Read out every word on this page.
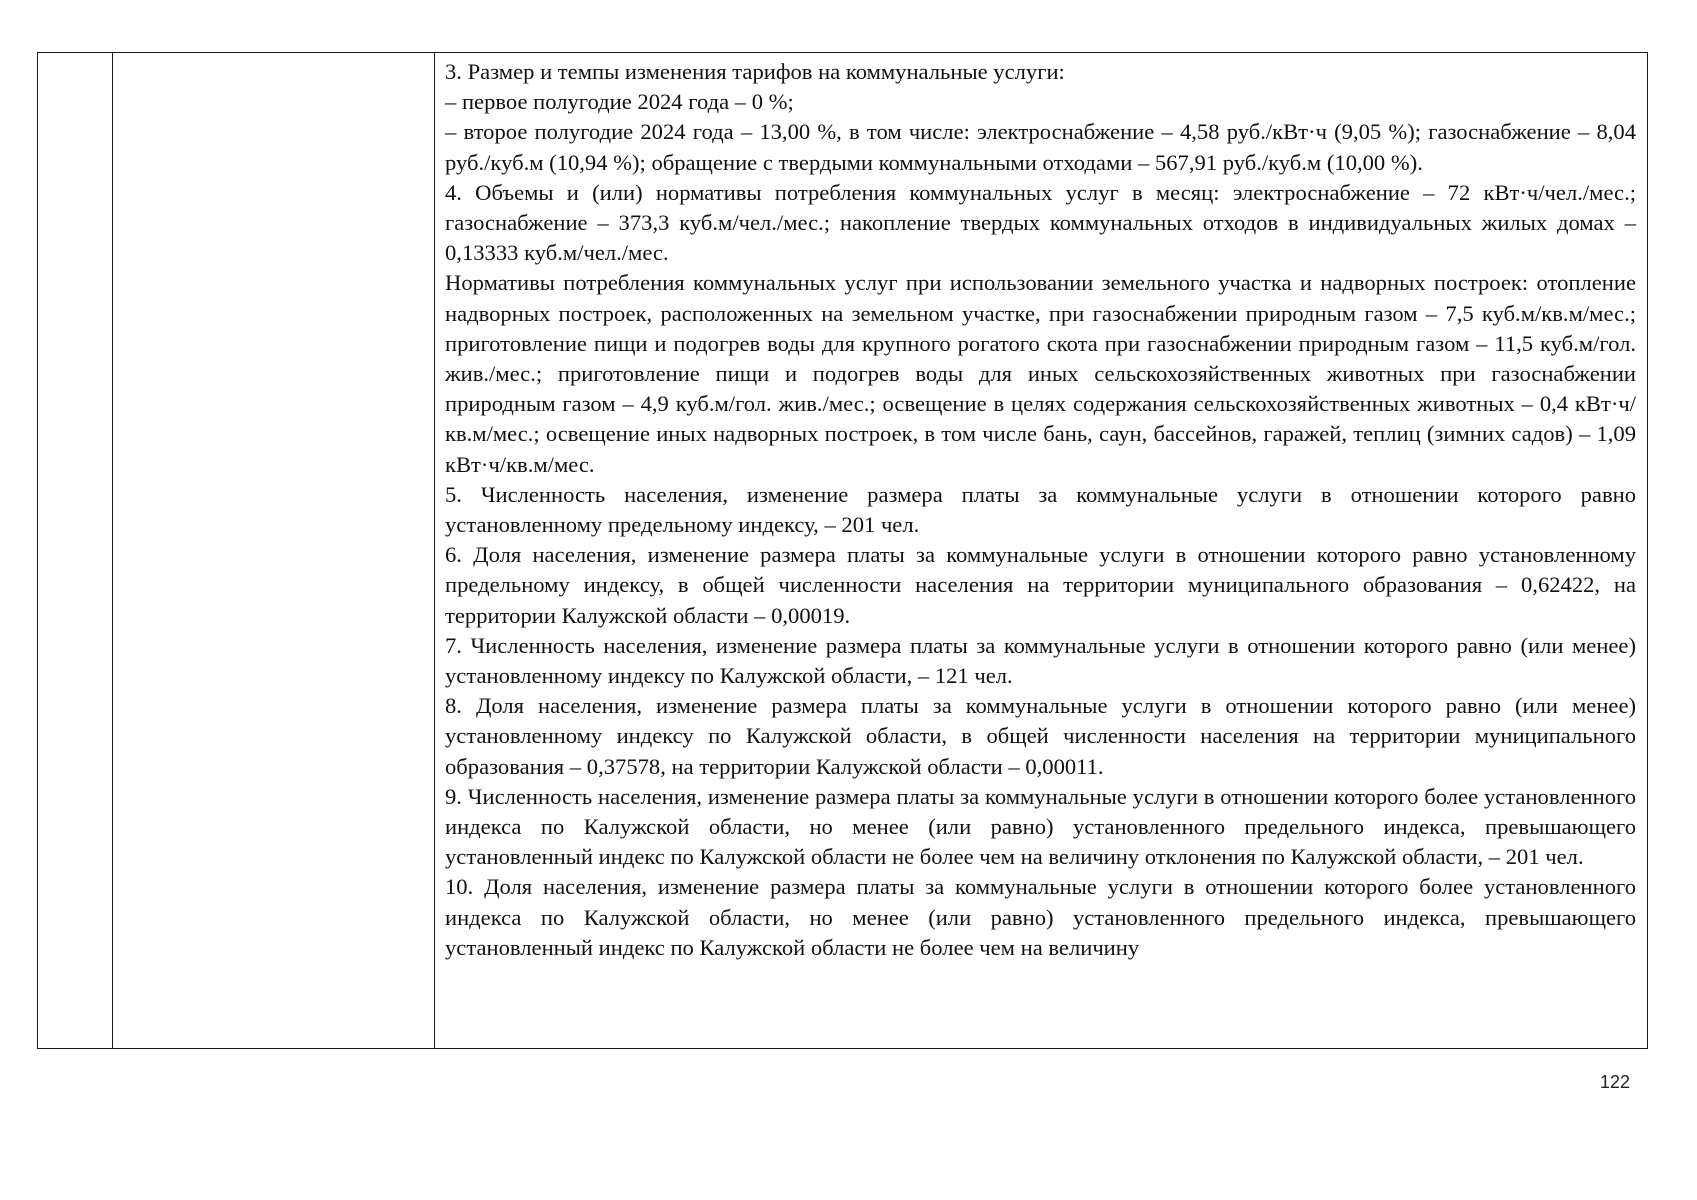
3. Размер и темпы изменения тарифов на коммунальные услуги:

– первое полугодие 2024 года – 0 %;

– второе полугодие 2024 года – 13,00 %, в том числе: электроснабжение – 4,58 руб./кВт·ч (9,05 %); газоснабжение – 8,04 руб./куб.м (10,94 %); обращение с твердыми коммунальными отходами – 567,91 руб./куб.м (10,00 %).

4. Объемы и (или) нормативы потребления коммунальных услуг в месяц: электроснабжение – 72 кВт·ч/чел./мес.; газоснабжение – 373,3 куб.м/чел./мес.; накопление твердых коммунальных отходов в индивидуальных жилых домах – 0,13333 куб.м/чел./мес.

Нормативы потребления коммунальных услуг при использовании земельного участка и надворных построек: отопление надворных построек, расположенных на земельном участке, при газоснабжении природным газом – 7,5 куб.м/кв.м/мес.; приготовление пищи и подогрев воды для крупного рогатого скота при газоснабжении природным газом – 11,5 куб.м/гол. жив./мес.; приготовление пищи и подогрев воды для иных сельскохозяйственных животных при газоснабжении природным газом – 4,9 куб.м/гол. жив./мес.; освещение в целях содержания сельскохозяйственных животных – 0,4 кВт·ч/кв.м/мес.; освещение иных надворных построек, в том числе бань, саун, бассейнов, гаражей, теплиц (зимних садов) – 1,09 кВт·ч/кв.м/мес.

5. Численность населения, изменение размера платы за коммунальные услуги в отношении которого равно установленному предельному индексу, – 201 чел.

6. Доля населения, изменение размера платы за коммунальные услуги в отношении которого равно установленному предельному индексу, в общей численности населения на территории муниципального образования – 0,62422, на территории Калужской области – 0,00019.

7. Численность населения, изменение размера платы за коммунальные услуги в отношении которого равно (или менее) установленному индексу по Калужской области, – 121 чел.

8. Доля населения, изменение размера платы за коммунальные услуги в отношении которого равно (или менее) установленному индексу по Калужской области, в общей численности населения на территории муниципального образования – 0,37578, на территории Калужской области – 0,00011.

9. Численность населения, изменение размера платы за коммунальные услуги в отношении которого более установленного индекса по Калужской области, но менее (или равно) установленного предельного индекса, превышающего установленный индекс по Калужской области не более чем на величину отклонения по Калужской области, – 201 чел.

10. Доля населения, изменение размера платы за коммунальные услуги в отношении которого более установленного индекса по Калужской области, но менее (или равно) установленного предельного индекса, превышающего установленный индекс по Калужской области не более чем на величину

122
